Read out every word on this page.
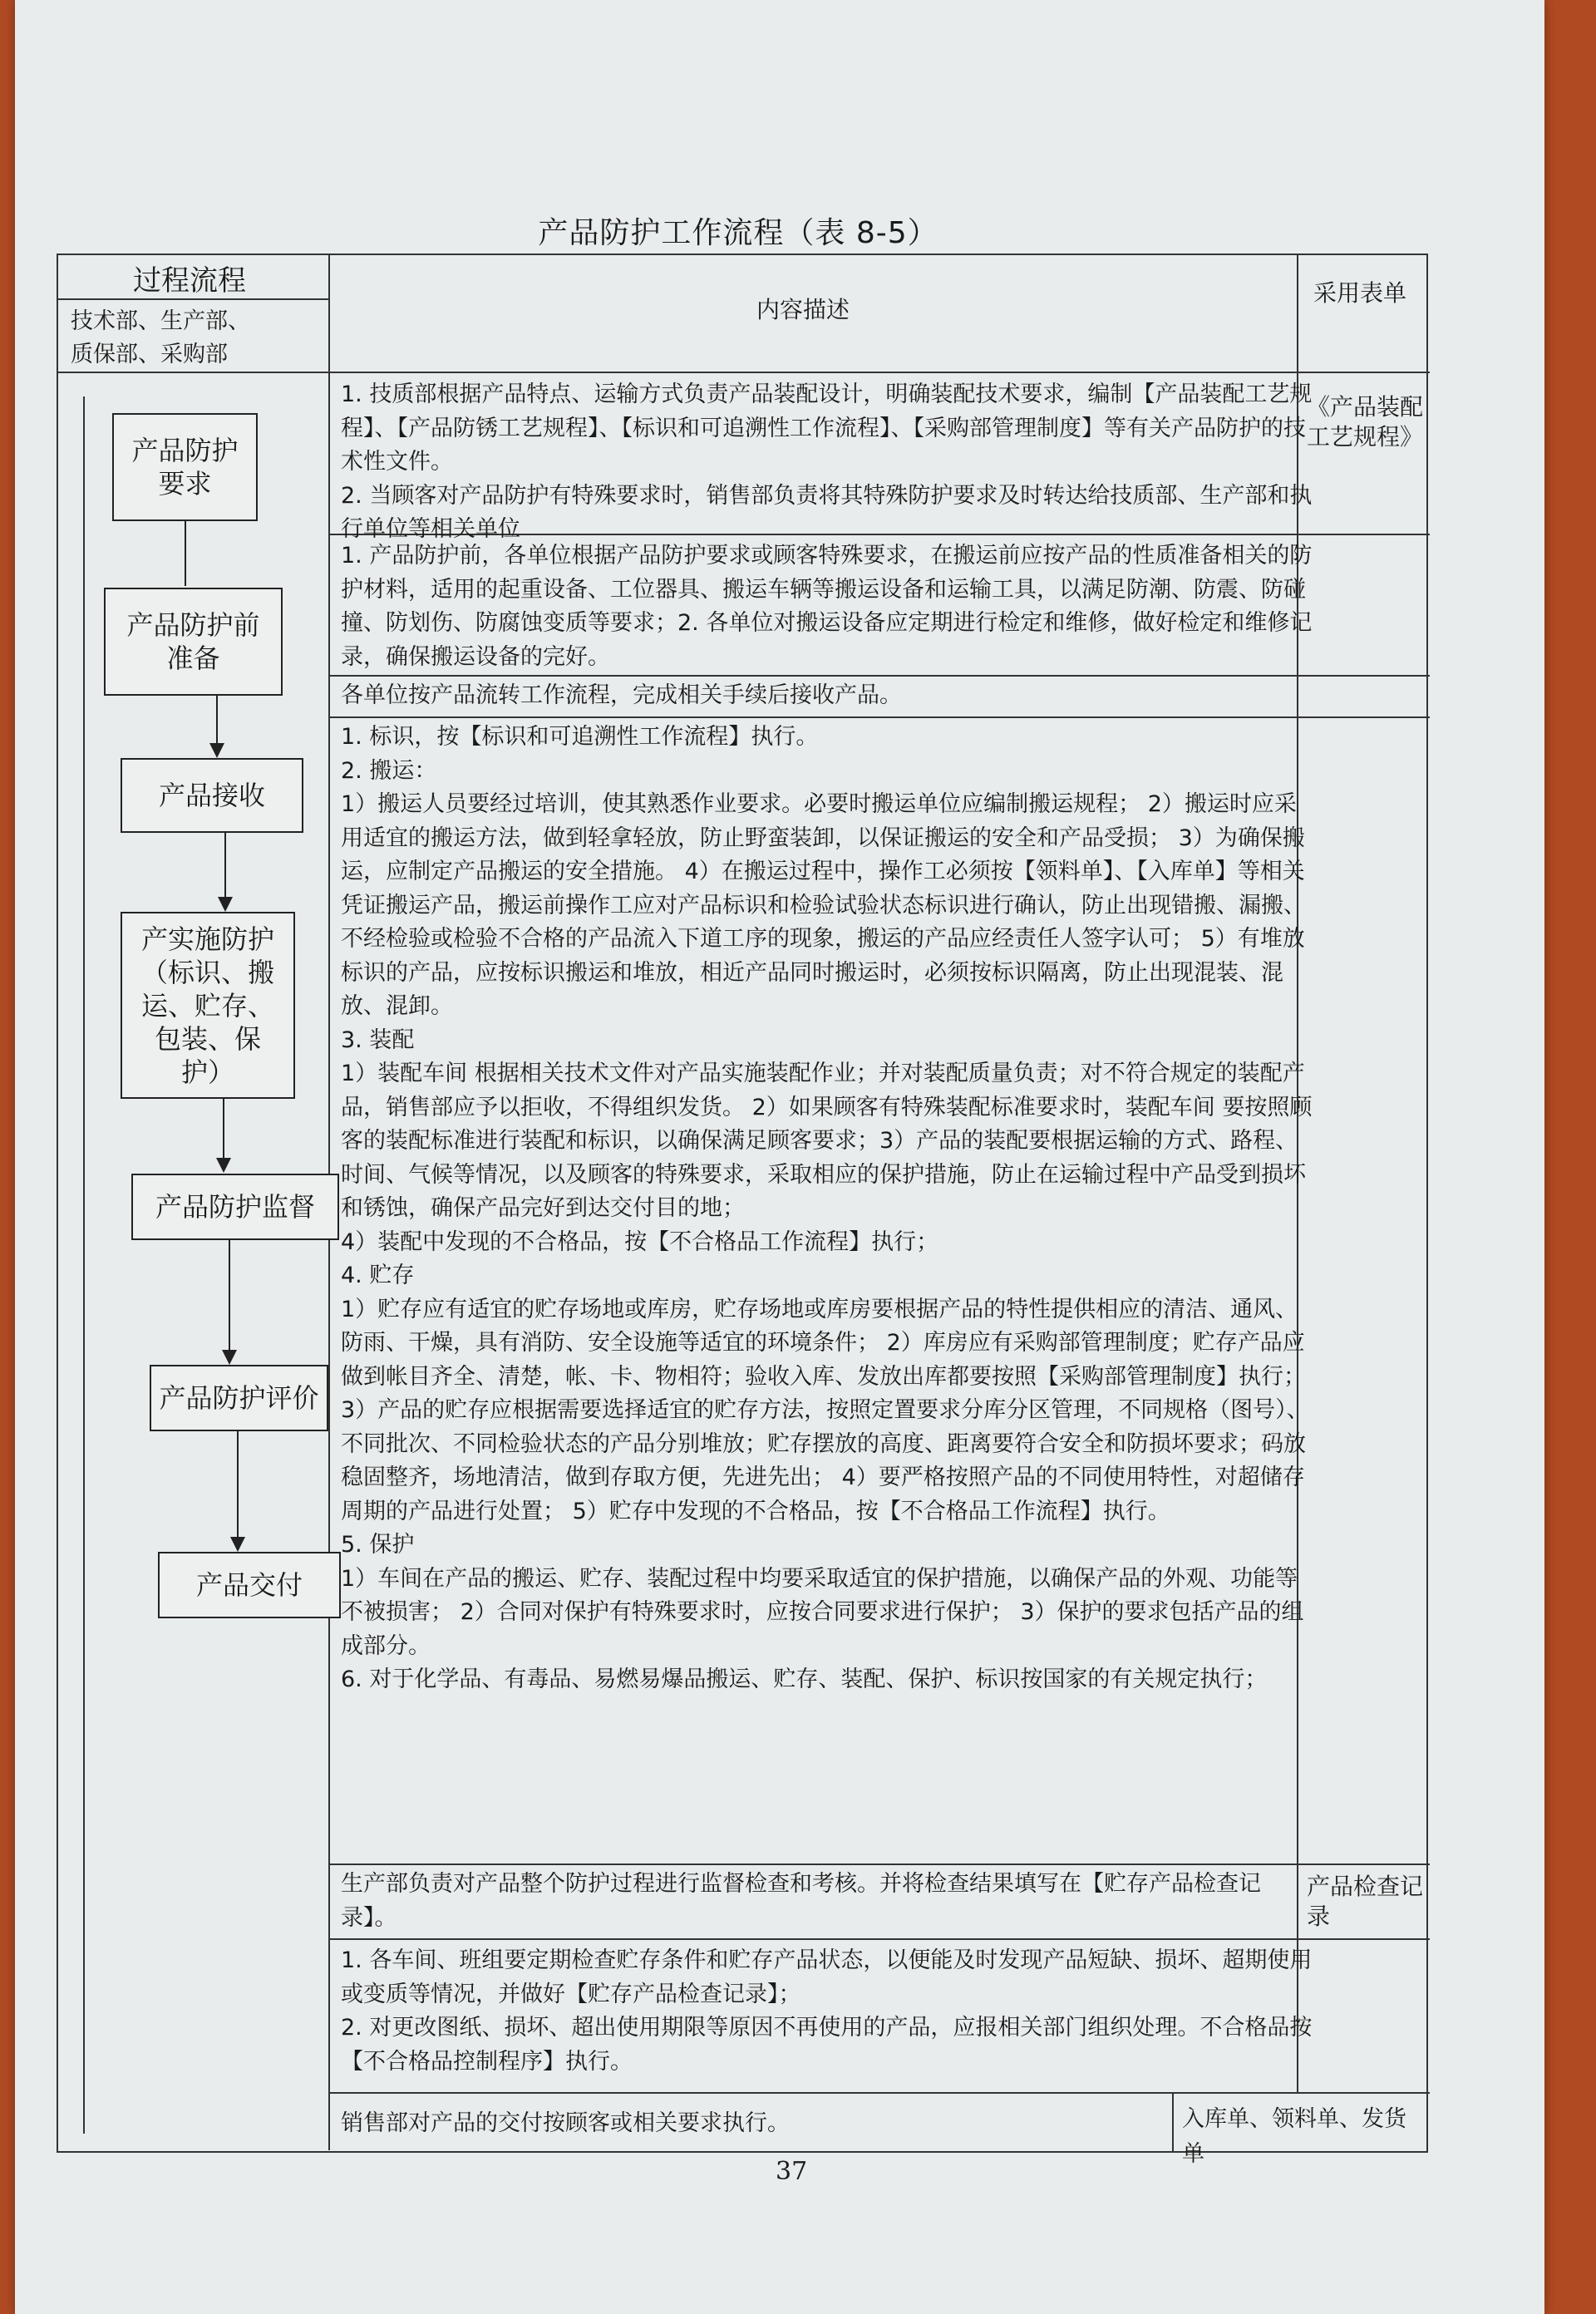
产品防护工作流程（表 8-5）
过程流程
技术部、生产部、
质保部、采购部
内容描述
采用表单
1. 技质部根据产品特点、运输方式负责产品装配设计，明确装配技术要求，编制【产品装配工艺规程】、【产品防锈工艺规程】、【标识和可追溯性工作流程】、【采购部管理制度】等有关产品防护的技术性文件。
2. 当顾客对产品防护有特殊要求时，销售部负责将其特殊防护要求及时转达给技质部、生产部和执行单位等相关单位
《产品装配工艺规程》
1. 产品防护前，各单位根据产品防护要求或顾客特殊要求，在搬运前应按产品的性质准备相关的防护材料，适用的起重设备、工位器具、搬运车辆等搬运设备和运输工具，以满足防潮、防震、防碰撞、防划伤、防腐蚀变质等要求；2. 各单位对搬运设备应定期进行检定和维修，做好检定和维修记录，确保搬运设备的完好。
各单位按产品流转工作流程，完成相关手续后接收产品。
1. 标识，按【标识和可追溯性工作流程】执行。
2. 搬运：
1）搬运人员要经过培训，使其熟悉作业要求。必要时搬运单位应编制搬运规程； 2）搬运时应采用适宜的搬运方法，做到轻拿轻放，防止野蛮装卸，以保证搬运的安全和产品受损； 3）为确保搬运，应制定产品搬运的安全措施。 4）在搬运过程中，操作工必须按【领料单】、【入库单】等相关凭证搬运产品，搬运前操作工应对产品标识和检验试验状态标识进行确认，防止出现错搬、漏搬、不经检验或检验不合格的产品流入下道工序的现象，搬运的产品应经责任人签字认可； 5）有堆放标识的产品，应按标识搬运和堆放，相近产品同时搬运时，必须按标识隔离，防止出现混装、混放、混卸。
3. 装配
1）装配车间 根据相关技术文件对产品实施装配作业；并对装配质量负责；对不符合规定的装配产品，销售部应予以拒收，不得组织发货。 2）如果顾客有特殊装配标准要求时，装配车间 要按照顾客的装配标准进行装配和标识，以确保满足顾客要求；3）产品的装配要根据运输的方式、路程、时间、气候等情况，以及顾客的特殊要求，采取相应的保护措施，防止在运输过程中产品受到损坏和锈蚀，确保产品完好到达交付目的地；
4）装配中发现的不合格品，按【不合格品工作流程】执行；
4. 贮存
1）贮存应有适宜的贮存场地或库房，贮存场地或库房要根据产品的特性提供相应的清洁、通风、防雨、干燥，具有消防、安全设施等适宜的环境条件； 2）库房应有采购部管理制度；贮存产品应做到帐目齐全、清楚，帐、卡、物相符；验收入库、发放出库都要按照【采购部管理制度】执行；
3）产品的贮存应根据需要选择适宜的贮存方法，按照定置要求分库分区管理，不同规格（图号）、不同批次、不同检验状态的产品分别堆放；贮存摆放的高度、距离要符合安全和防损坏要求；码放稳固整齐，场地清洁，做到存取方便，先进先出； 4）要严格按照产品的不同使用特性，对超储存周期的产品进行处置； 5）贮存中发现的不合格品，按【不合格品工作流程】执行。
5. 保护
1）车间在产品的搬运、贮存、装配过程中均要采取适宜的保护措施，以确保产品的外观、功能等不被损害； 2）合同对保护有特殊要求时，应按合同要求进行保护； 3）保护的要求包括产品的组成部分。
6. 对于化学品、有毒品、易燃易爆品搬运、贮存、装配、保护、标识按国家的有关规定执行；
生产部负责对产品整个防护过程进行监督检查和考核。并将检查结果填写在【贮存产品检查记录】。
产品检查记录
1. 各车间、班组要定期检查贮存条件和贮存产品状态，以便能及时发现产品短缺、损坏、超期使用或变质等情况，并做好【贮存产品检查记录】；
2. 对更改图纸、损坏、超出使用期限等原因不再使用的产品，应报相关部门组织处理。不合格品按【不合格品控制程序】执行。
销售部对产品的交付按顾客或相关要求执行。	入库单、领料单、发货单
产品防护
要求
产品防护前
准备
产品接收
产实施防护
（标识、搬
运、贮存、
包装、保
护）
产品防护监督
产品防护评价
产品交付
37
